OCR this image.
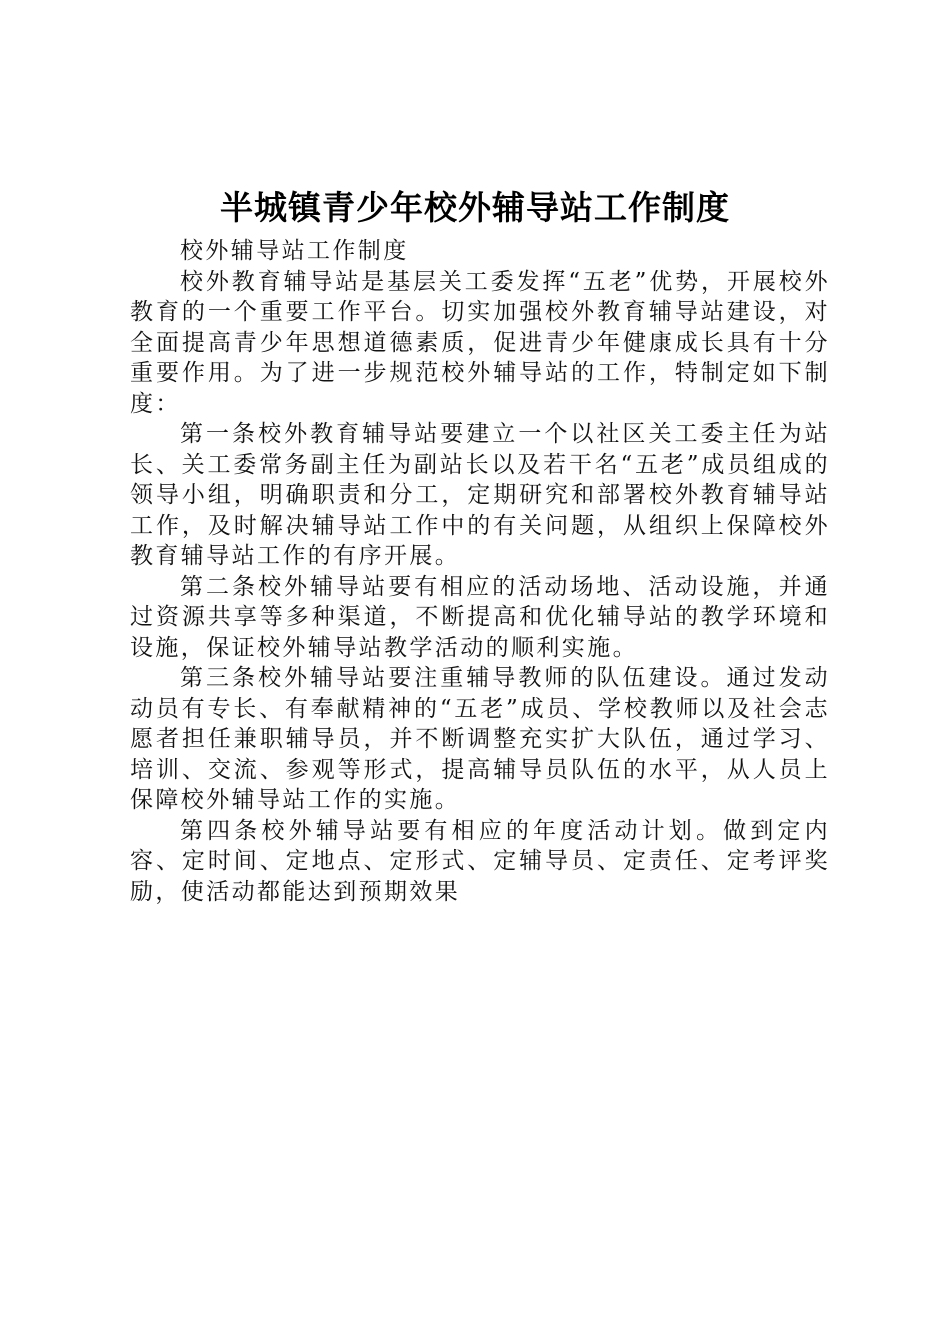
半城镇青少年校外辅导站工作制度

校外辅导站工作制度

校外教育辅导站是基层关工委发挥“五老”优势，开展校外教育的一个重要工作平台。切实加强校外教育辅导站建设，对全面提高青少年思想道德素质，促进青少年健康成长具有十分重要作用。为了进一步规范校外辅导站的工作，特制定如下制度：

第一条校外教育辅导站要建立一个以社区关工委主任为站长、关工委常务副主任为副站长以及若干名“五老”成员组成的领导小组，明确职责和分工，定期研究和部署校外教育辅导站工作，及时解决辅导站工作中的有关问题，从组织上保障校外教育辅导站工作的有序开展。

第二条校外辅导站要有相应的活动场地、活动设施，并通过资源共享等多种渠道，不断提高和优化辅导站的教学环境和设施，保证校外辅导站教学活动的顺利实施。

第三条校外辅导站要注重辅导教师的队伍建设。通过发动动员有专长、有奉献精神的“五老”成员、学校教师以及社会志愿者担任兼职辅导员，并不断调整充实扩大队伍，通过学习、培训、交流、参观等形式，提高辅导员队伍的水平，从人员上保障校外辅导站工作的实施。

第四条校外辅导站要有相应的年度活动计划。做到定内容、定时间、定地点、定形式、定辅导员、定责任、定考评奖励，使活动都能达到预期效果
